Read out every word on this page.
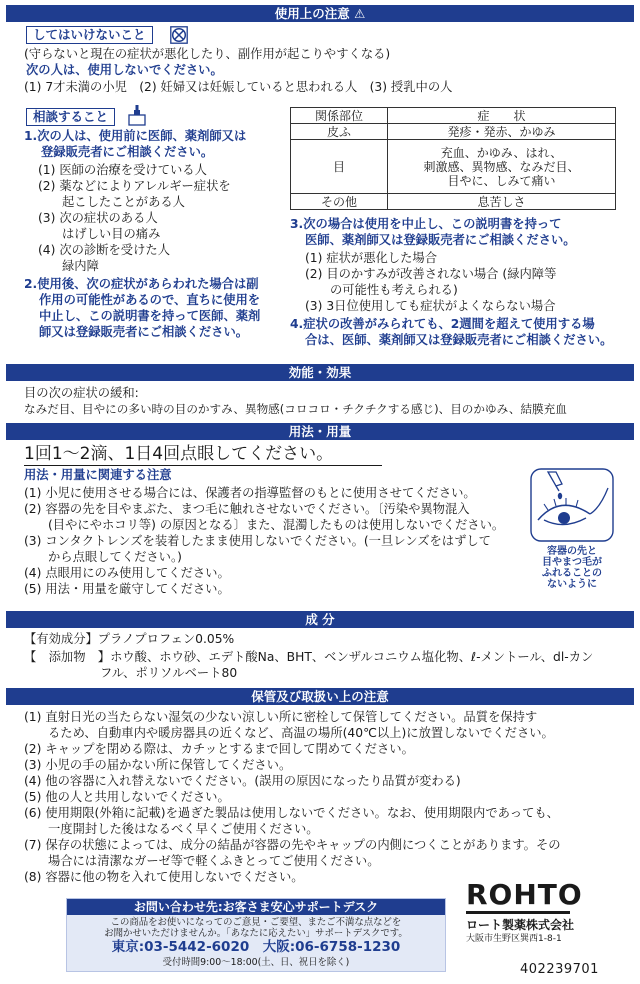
使用上の注意 ⚠
してはいけないこと
(守らないと現在の症状が悪化したり、副作用が起こりやすくなる)
次の人は、使用しないでください。
(1) 7才未満の小児　(2) 妊婦又は妊娠していると思われる人　(3) 授乳中の人
相談すること
1.次の人は、使用前に医師、薬剤師又は
登録販売者にご相談ください。
(1) 医師の治療を受けている人
(2) 薬などによりアレルギー症状を
起こしたことがある人
(3) 次の症状のある人
はげしい目の痛み
(4) 次の診断を受けた人
緑内障
2.使用後、次の症状があらわれた場合は副
作用の可能性があるので、直ちに使用を
中止し、この説明書を持って医師、薬剤
師又は登録販売者にご相談ください。
関係部位	症　　状
皮ふ	発疹・発赤、かゆみ
目	充血、かゆみ、はれ、
刺激感、異物感、なみだ目、
目やに、しみて痛い

その他	息苦しさ
3.次の場合は使用を中止し、この説明書を持って
医師、薬剤師又は登録販売者にご相談ください。
(1) 症状が悪化した場合
(2) 目のかすみが改善されない場合 (緑内障等
の可能性も考えられる)
(3) 3日位使用しても症状がよくならない場合
4.症状の改善がみられても、2週間を超えて使用する場
合は、医師、薬剤師又は登録販売者にご相談ください。
効能・効果
目の次の症状の緩和:
なみだ目、目やにの多い時の目のかすみ、異物感(コロコロ・チクチクする感じ)、目のかゆみ、結膜充血
用法・用量
1回1〜2滴、1日4回点眼してください。
用法・用量に関連する注意
(1) 小児に使用させる場合には、保護者の指導監督のもとに使用させてください。
(2) 容器の先を目やまぶた、まつ毛に触れさせないでください。〔汚染や異物混入
(目やにやホコリ等) の原因となる〕また、混濁したものは使用しないでください。
(3) コンタクトレンズを装着したまま使用しないでください。(一旦レンズをはずして
から点眼してください。)
(4) 点眼用にのみ使用してください。
(5) 用法・用量を厳守してください。
容器の先と
目やまつ毛が
ふれることの
ないように
成 分
【有効成分】プラノプロフェン0.05%
【　添加物　】ホウ酸、ホウ砂、エデト酸Na、BHT、ベンザルコニウム塩化物、ℓ-メントール、dl-カン
フル、ポリソルベート80
保管及び取扱い上の注意
(1) 直射日光の当たらない湿気の少ない涼しい所に密栓して保管してください。品質を保持す
るため、自動車内や暖房器具の近くなど、高温の場所(40℃以上)に放置しないでください。
(2) キャップを閉める際は、カチッとするまで回して閉めてください。
(3) 小児の手の届かない所に保管してください。
(4) 他の容器に入れ替えないでください。(誤用の原因になったり品質が変わる)
(5) 他の人と共用しないでください。
(6) 使用期限(外箱に記載)を過ぎた製品は使用しないでください。なお、使用期限内であっても、
一度開封した後はなるべく早くご使用ください。
(7) 保存の状態によっては、成分の結晶が容器の先やキャップの内側につくことがあります。その
場合には清潔なガーゼ等で軽くふきとってご使用ください。
(8) 容器に他の物を入れて使用しないでください。
お問い合わせ先:お客さま安心サポートデスク
この商品をお使いになってのご意見・ご要望、またご不満な点などを
お聞かせいただけませんか。「あなたに応えたい」サポートデスクです。
東京:03-5442-6020　大阪:06-6758-1230
受付時間9:00〜18:00(土、日、祝日を除く)
ROHTO
ロート製薬株式会社
大阪市生野区巽西1-8-1
402239701
